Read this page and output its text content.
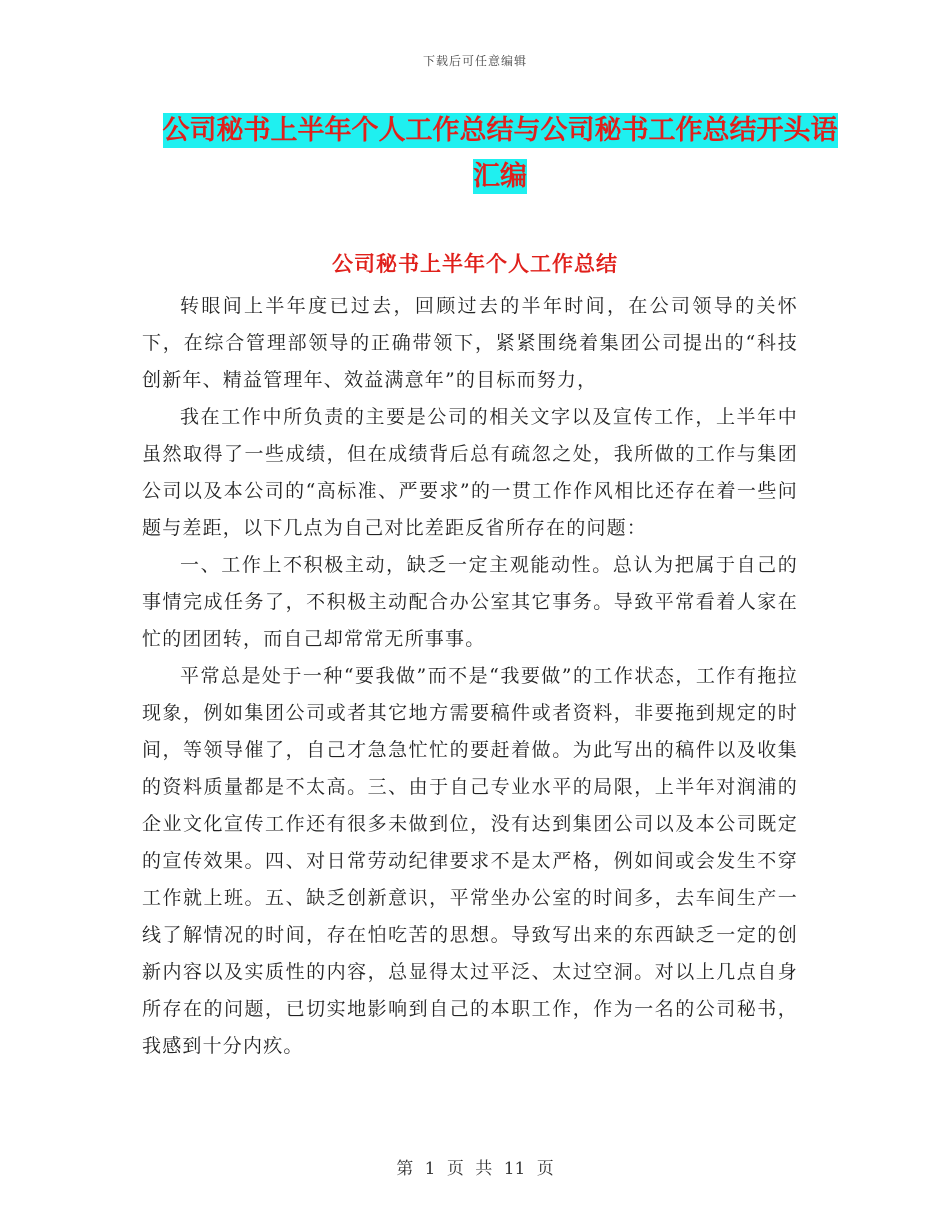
下载后可任意编辑
公司秘书上半年个人工作总结与公司秘书工作总结开头语汇编
公司秘书上半年个人工作总结

转眼间上半年度已过去，回顾过去的半年时间，在公司领导的关怀下，在综合管理部领导的正确带领下，紧紧围绕着集团公司提出的“科技创新年、精益管理年、效益满意年”的目标而努力，

我在工作中所负责的主要是公司的相关文字以及宣传工作，上半年中虽然取得了一些成绩，但在成绩背后总有疏忽之处，我所做的工作与集团公司以及本公司的“高标准、严要求”的一贯工作作风相比还存在着一些问题与差距，以下几点为自己对比差距反省所存在的问题：

一、工作上不积极主动，缺乏一定主观能动性。总认为把属于自己的事情完成任务了，不积极主动配合办公室其它事务。导致平常看着人家在忙的团团转，而自己却常常无所事事。

平常总是处于一种“要我做”而不是“我要做”的工作状态，工作有拖拉现象，例如集团公司或者其它地方需要稿件或者资料，非要拖到规定的时间，等领导催了，自己才急急忙忙的要赶着做。为此写出的稿件以及收集的资料质量都是不太高。三、由于自己专业水平的局限，上半年对润浦的企业文化宣传工作还有很多未做到位，没有达到集团公司以及本公司既定的宣传效果。四、对日常劳动纪律要求不是太严格，例如间或会发生不穿工作就上班。五、缺乏创新意识，平常坐办公室的时间多，去车间生产一线了解情况的时间，存在怕吃苦的思想。导致写出来的东西缺乏一定的创新内容以及实质性的内容，总显得太过平泛、太过空洞。对以上几点自身所存在的问题，已切实地影响到自己的本职工作，作为一名的公司秘书，我感到十分内疚。

第 1 页 共 11 页
